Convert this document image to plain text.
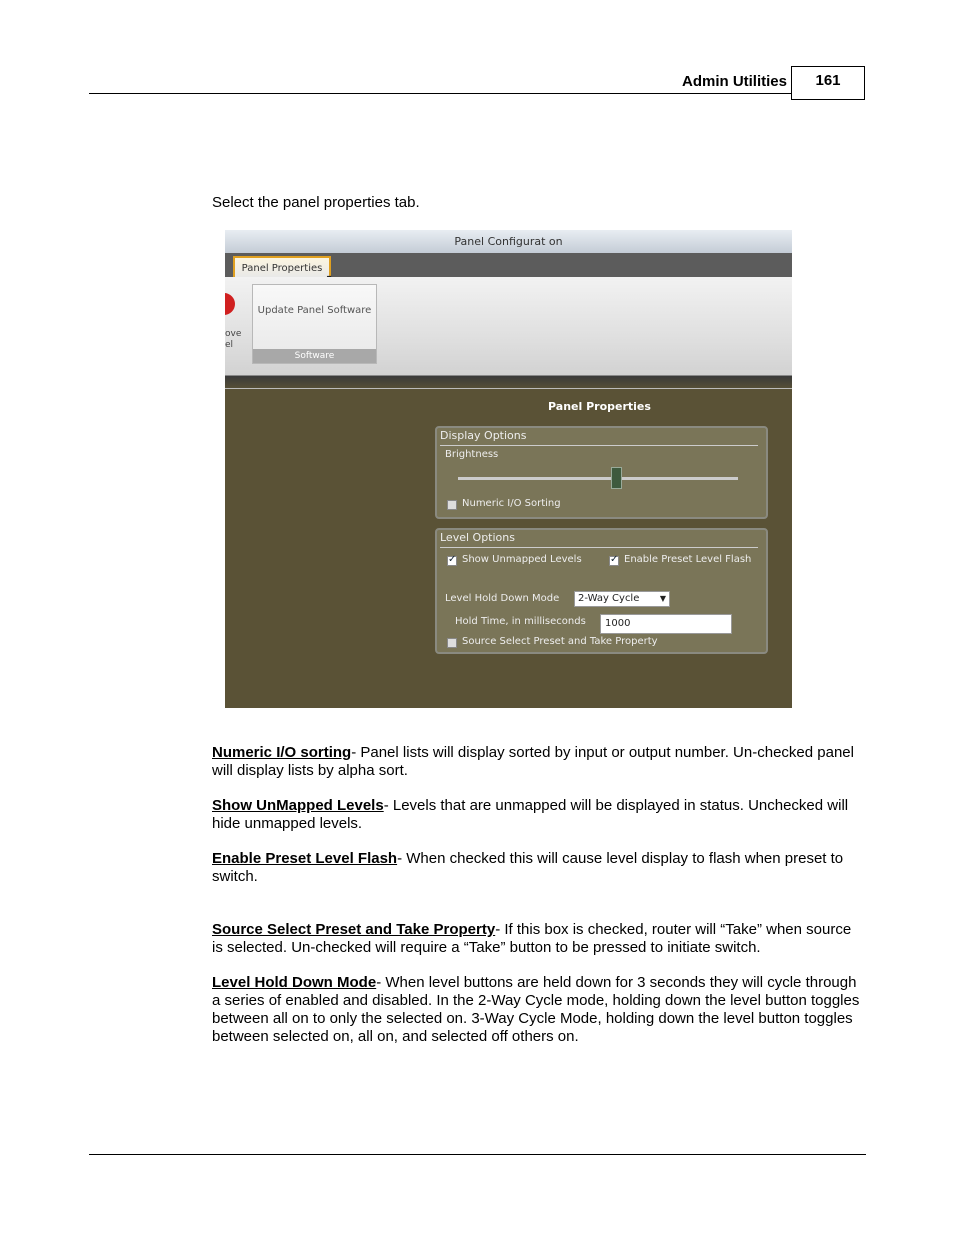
Admin Utilities	161
Select the panel properties tab.
Panel Configurat on
Panel Properties
ove
el
Update Panel Software
Software
Panel Properties
Display Options
Brightness
Numeric I/O Sorting
Level Options
✓
Show Unmapped Levels
✓	Enable Preset Level Flash
Level Hold Down Mode	2-Way Cycle	▼
Hold Time, in milliseconds	1000
Source Select Preset and Take Property
Numeric I/O sorting- Panel lists will display sorted by input or output number. Un-checked panel will display lists by alpha sort.
Show UnMapped Levels- Levels that are unmapped will be displayed in status. Unchecked will hide unmapped levels.
Enable Preset Level Flash- When checked this will cause level display to flash when preset to switch.
Source Select Preset and Take Property- If this box is checked, router will “Take” when source is selected. Un-checked will require a “Take” button to be pressed to initiate switch.
Level Hold Down Mode- When level buttons are held down for 3 seconds they will cycle through a series of enabled and disabled. In the 2-Way Cycle mode, holding down the level button toggles between all on to only the selected on. 3-Way Cycle Mode, holding down the level button toggles between selected on, all on, and selected off others on.
